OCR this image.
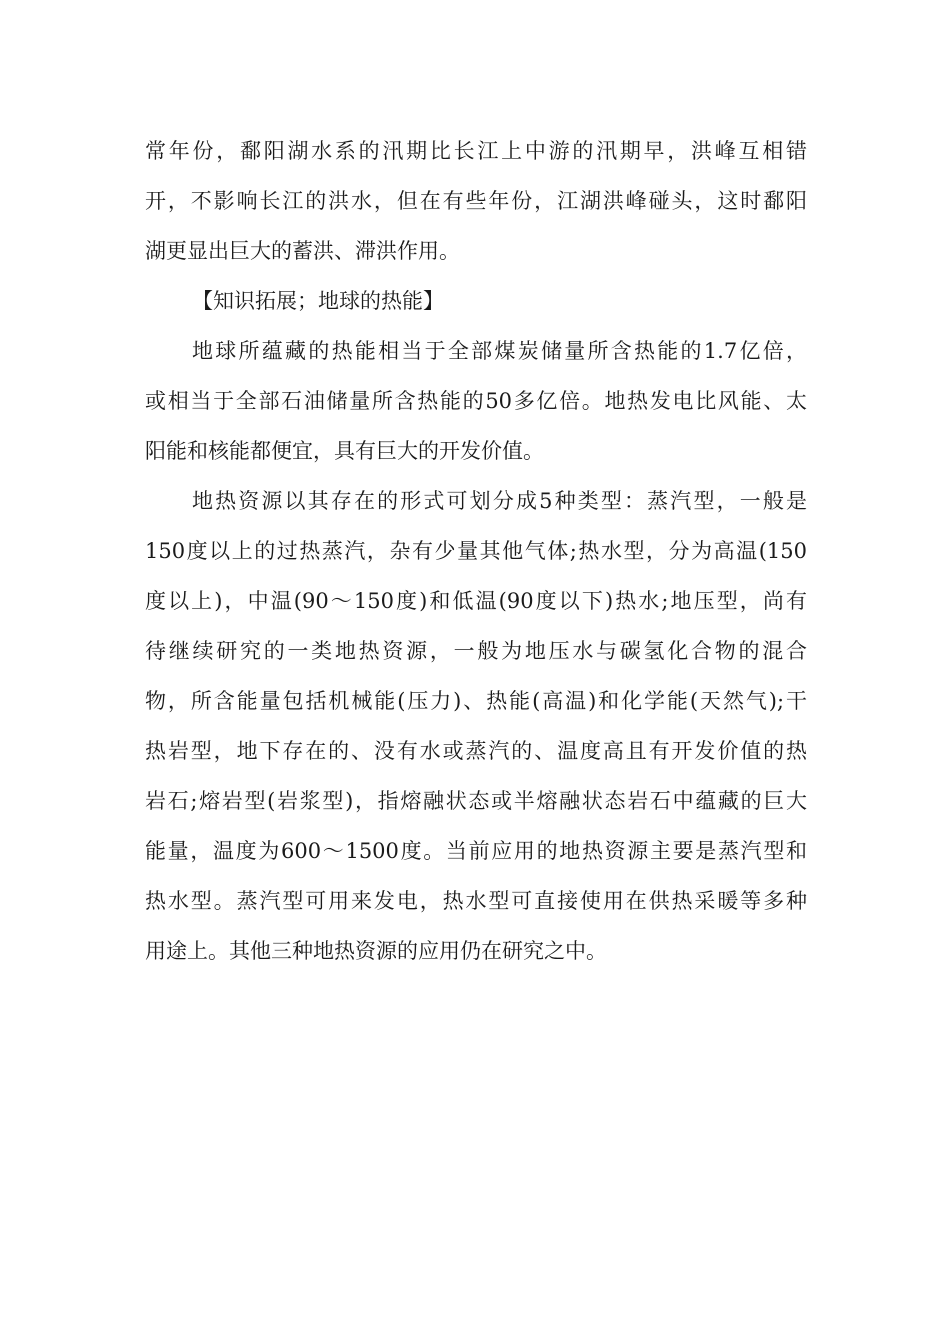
常年份，鄱阳湖水系的汛期比长江上中游的汛期早，洪峰互相错
开，不影响长江的洪水，但在有些年份，江湖洪峰碰头，这时鄱阳
湖更显出巨大的蓄洪、滞洪作用。
【知识拓展；地球的热能】
地球所蕴藏的热能相当于全部煤炭储量所含热能的1.7亿倍，
或相当于全部石油储量所含热能的50多亿倍。地热发电比风能、太
阳能和核能都便宜，具有巨大的开发价值。
地热资源以其存在的形式可划分成5种类型：蒸汽型，一般是
150度以上的过热蒸汽，杂有少量其他气体;热水型，分为高温(150
度以上)，中温(90～150度)和低温(90度以下)热水;地压型，尚有
待继续研究的一类地热资源，一般为地压水与碳氢化合物的混合
物，所含能量包括机械能(压力)、热能(高温)和化学能(天然气);干
热岩型，地下存在的、没有水或蒸汽的、温度高且有开发价值的热
岩石;熔岩型(岩浆型)，指熔融状态或半熔融状态岩石中蕴藏的巨大
能量，温度为600～1500度。当前应用的地热资源主要是蒸汽型和
热水型。蒸汽型可用来发电，热水型可直接使用在供热采暖等多种
用途上。其他三种地热资源的应用仍在研究之中。
